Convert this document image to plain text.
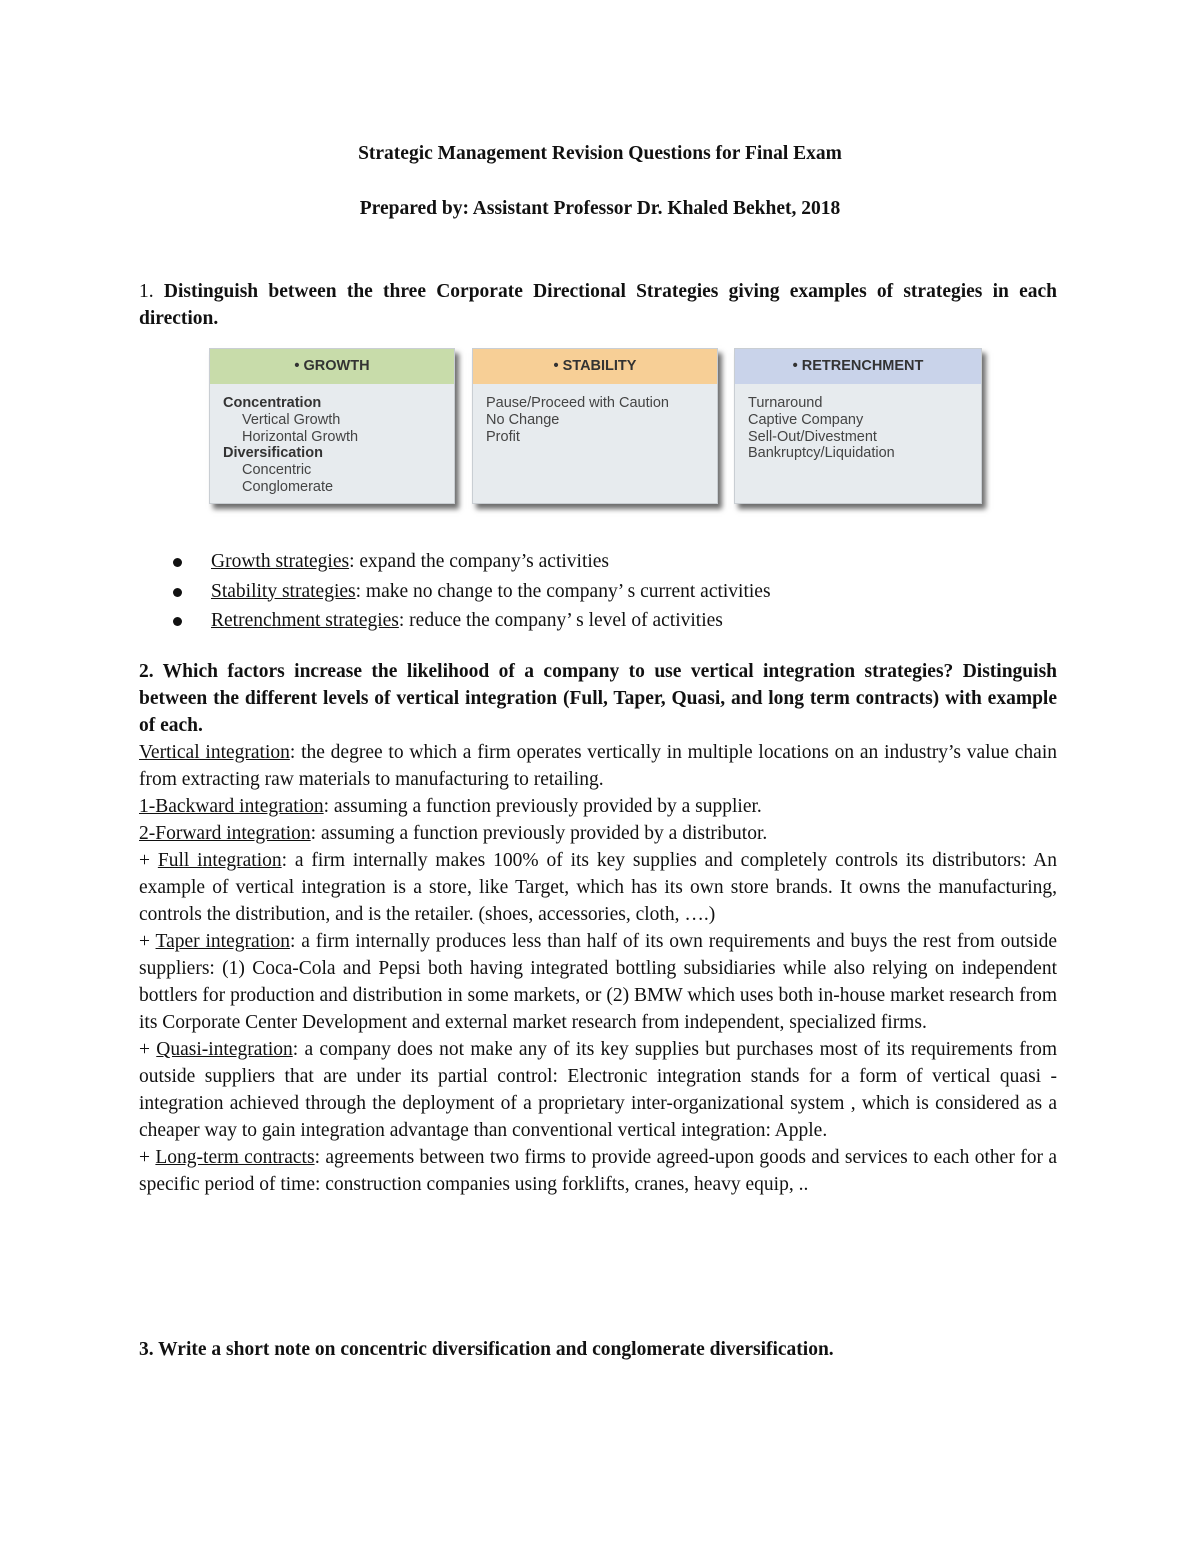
Strategic Management Revision Questions for Final Exam
Prepared by: Assistant Professor Dr. Khaled Bekhet, 2018
1. Distinguish between the three Corporate Directional Strategies giving examples of strategies in each direction.
• GROWTH
Concentration
Vertical Growth
Horizontal Growth
Diversification
Concentric
Conglomerate
• STABILITY
Pause/Proceed with Caution
No Change
Profit
• RETRENCHMENT
Turnaround
Captive Company
Sell-Out/Divestment
Bankruptcy/Liquidation
Growth strategies: expand the company’s activities
Stability strategies: make no change to the company’ s current activities
Retrenchment strategies: reduce the company’ s level of activities
2. Which factors increase the likelihood of a company to use vertical integration strategies? Distinguish between the different levels of vertical integration (Full, Taper, Quasi, and long term contracts) with example of each.
Vertical integration: the degree to which a firm operates vertically in multiple locations on an industry’s value chain from extracting raw materials to manufacturing to retailing.
1-Backward integration: assuming a function previously provided by a supplier.
2-Forward integration: assuming a function previously provided by a distributor.
+ Full integration: a firm internally makes 100% of its key supplies and completely controls its distributors: An example of vertical integration is a store, like Target, which has its own store brands. It owns the manufacturing, controls the distribution, and is the retailer. (shoes, accessories, cloth, ….)
+ Taper integration: a firm internally produces less than half of its own requirements and buys the rest from outside suppliers: (1) Coca-Cola and Pepsi both having integrated bottling subsidiaries while also relying on independent bottlers for production and distribution in some markets, or (2) BMW which uses both in-house market research from its Corporate Center Development and external market research from independent, specialized firms.
+ Quasi-integration: a company does not make any of its key supplies but purchases most of its requirements from outside suppliers that are under its partial control: Electronic integration stands for a form of vertical quasi - integration achieved through the deployment of a proprietary inter-organizational system , which is considered as a cheaper way to gain integration advantage than conventional vertical integration: Apple.
+ Long-term contracts: agreements between two firms to provide agreed-upon goods and services to each other for a specific period of time: construction companies using forklifts, cranes, heavy equip, ..
3. Write a short note on concentric diversification and conglomerate diversification.
